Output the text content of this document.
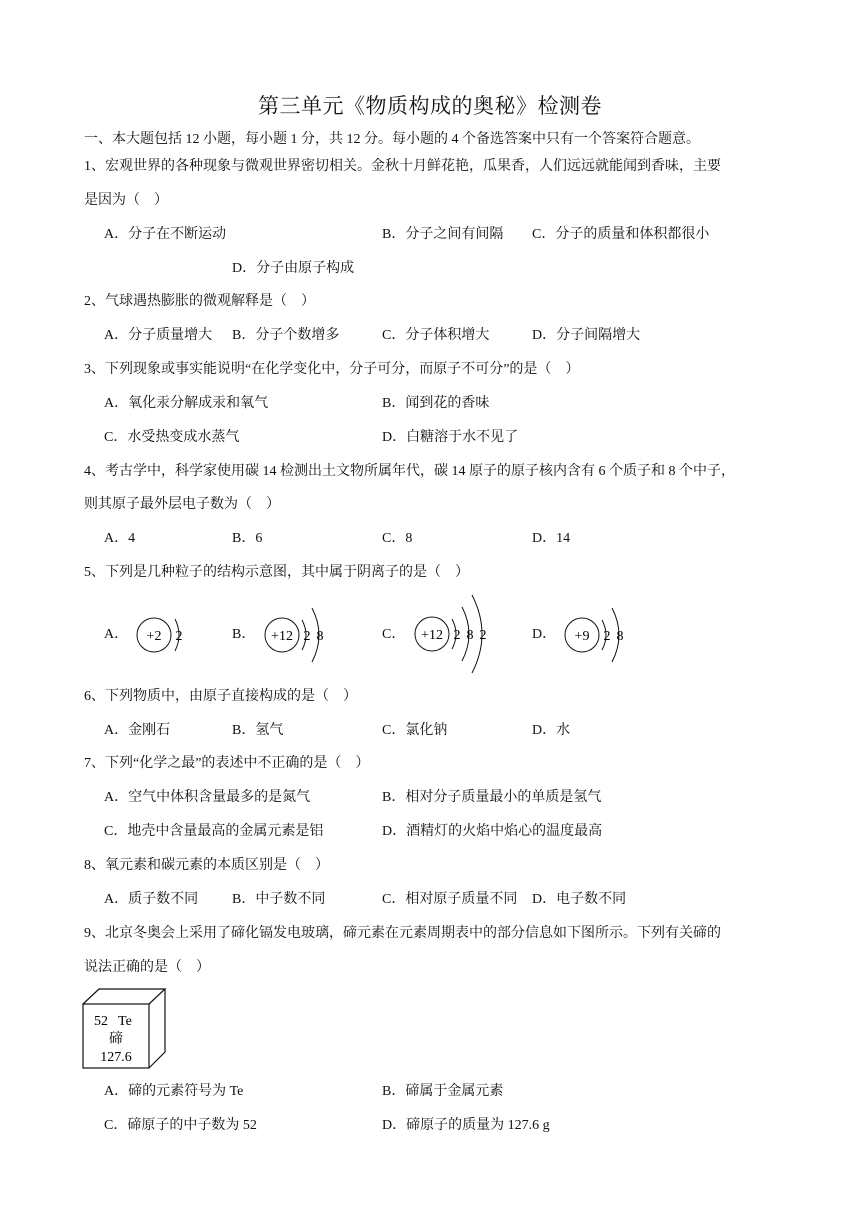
第三单元《物质构成的奥秘》检测卷
一、本大题包括 12 小题，每小题 1 分，共 12 分。每小题的 4 个备选答案中只有一个答案符合题意。
1、宏观世界的各种现象与微观世界密切相关。金秋十月鲜花艳，瓜果香，人们远远就能闻到香味，主要
是因为（　）
A．分子在不断运动	B．分子之间有间隔 C．分子的质量和体积都很小
D．分子由原子构成
2、气球遇热膨胀的微观解释是（　）
A．分子质量增大 B．分子个数增多	C．分子体积增大	D．分子间隔增大
3、下列现象或事实能说明“在化学变化中，分子可分，而原子不可分”的是（　）
A．氧化汞分解成汞和氧气	B．闻到花的香味
C．水受热变成水蒸气	D．白糖溶于水不见了
4、考古学中，科学家使用碳 14 检测出土文物所属年代，碳 14 原子的原子核内含有 6 个质子和 8 个中子，
则其原子最外层电子数为（　）
A．4	B．6	C．8	D．14
5、下列是几种粒子的结构示意图，其中属于阴离子的是（　）
A．	B．	C．	D．
+2 2	+12 2 8	+12 2 8 2	+9 2 8
6、下列物质中，由原子直接构成的是（　）
A．金刚石	B．氢气	C．氯化钠	D．水
7、下列“化学之最”的表述中不正确的是（　）
A．空气中体积含量最多的是氮气	B．相对分子质量最小的单质是氢气
C．地壳中含量最高的金属元素是铝	D．酒精灯的火焰中焰心的温度最高
8、氧元素和碳元素的本质区别是（　）
A．质子数不同 B．中子数不同	C．相对原子质量不同 D．电子数不同
9、北京冬奥会上采用了碲化镉发电玻璃，碲元素在元素周期表中的部分信息如下图所示。下列有关碲的
说法正确的是（　）
52 Te
碲
127.6
A．碲的元素符号为 Te	B．碲属于金属元素
C．碲原子的中子数为 52	D．碲原子的质量为 127.6 g
